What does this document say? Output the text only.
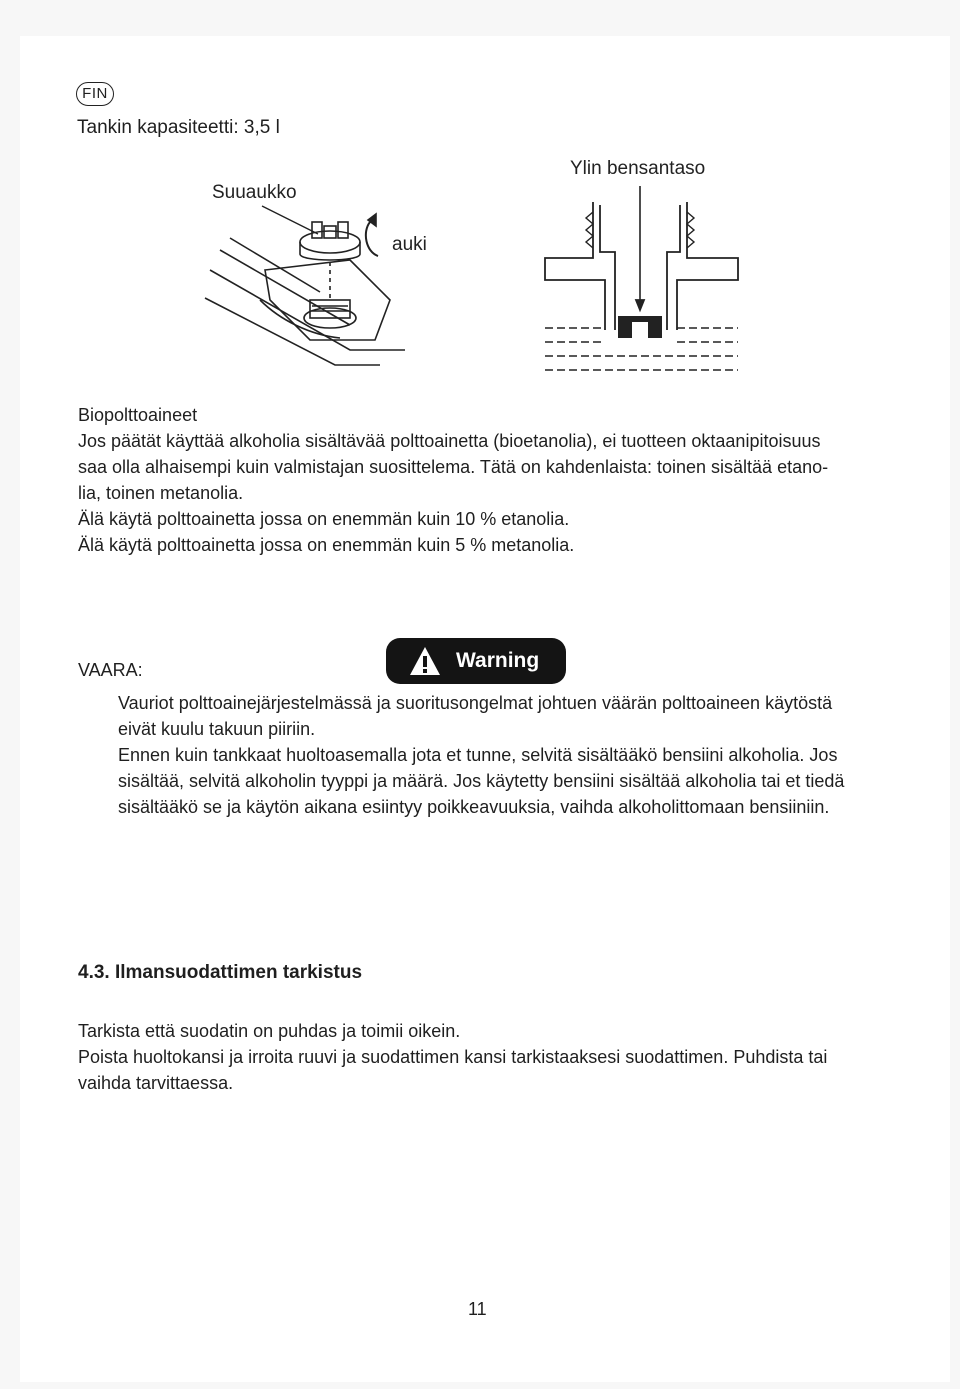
FIN
Tankin kapasiteetti: 3,5 l
Suuaukko
auki
Ylin bensantaso
Biopolttoaineet
Jos päätät käyttää alkoholia sisältävää polttoainetta (bioetanolia), ei tuotteen oktaanipitoisuus
saa olla alhaisempi kuin valmistajan suosittelema. Tätä on kahdenlaista: toinen sisältää etano-
lia, toinen metanolia.
Älä käytä polttoainetta jossa on enemmän kuin 10 % etanolia.
Älä käytä polttoainetta jossa on enemmän kuin 5 % metanolia.
VAARA:	Warning
Vauriot polttoainejärjestelmässä ja suoritusongelmat johtuen väärän polttoaineen käytöstä
eivät kuulu takuun piiriin.
Ennen kuin tankkaat huoltoasemalla jota et tunne, selvitä sisältääkö bensiini alkoholia. Jos
sisältää, selvitä alkoholin tyyppi ja määrä. Jos käytetty bensiini sisältää alkoholia tai et tiedä
sisältääkö se ja käytön aikana esiintyy poikkeavuuksia, vaihda alkoholittomaan bensiiniin.
4.3. Ilmansuodattimen tarkistus
Tarkista että suodatin on puhdas ja toimii oikein.
Poista huoltokansi ja irroita ruuvi ja suodattimen kansi tarkistaaksesi suodattimen. Puhdista tai
vaihda tarvittaessa.
11
